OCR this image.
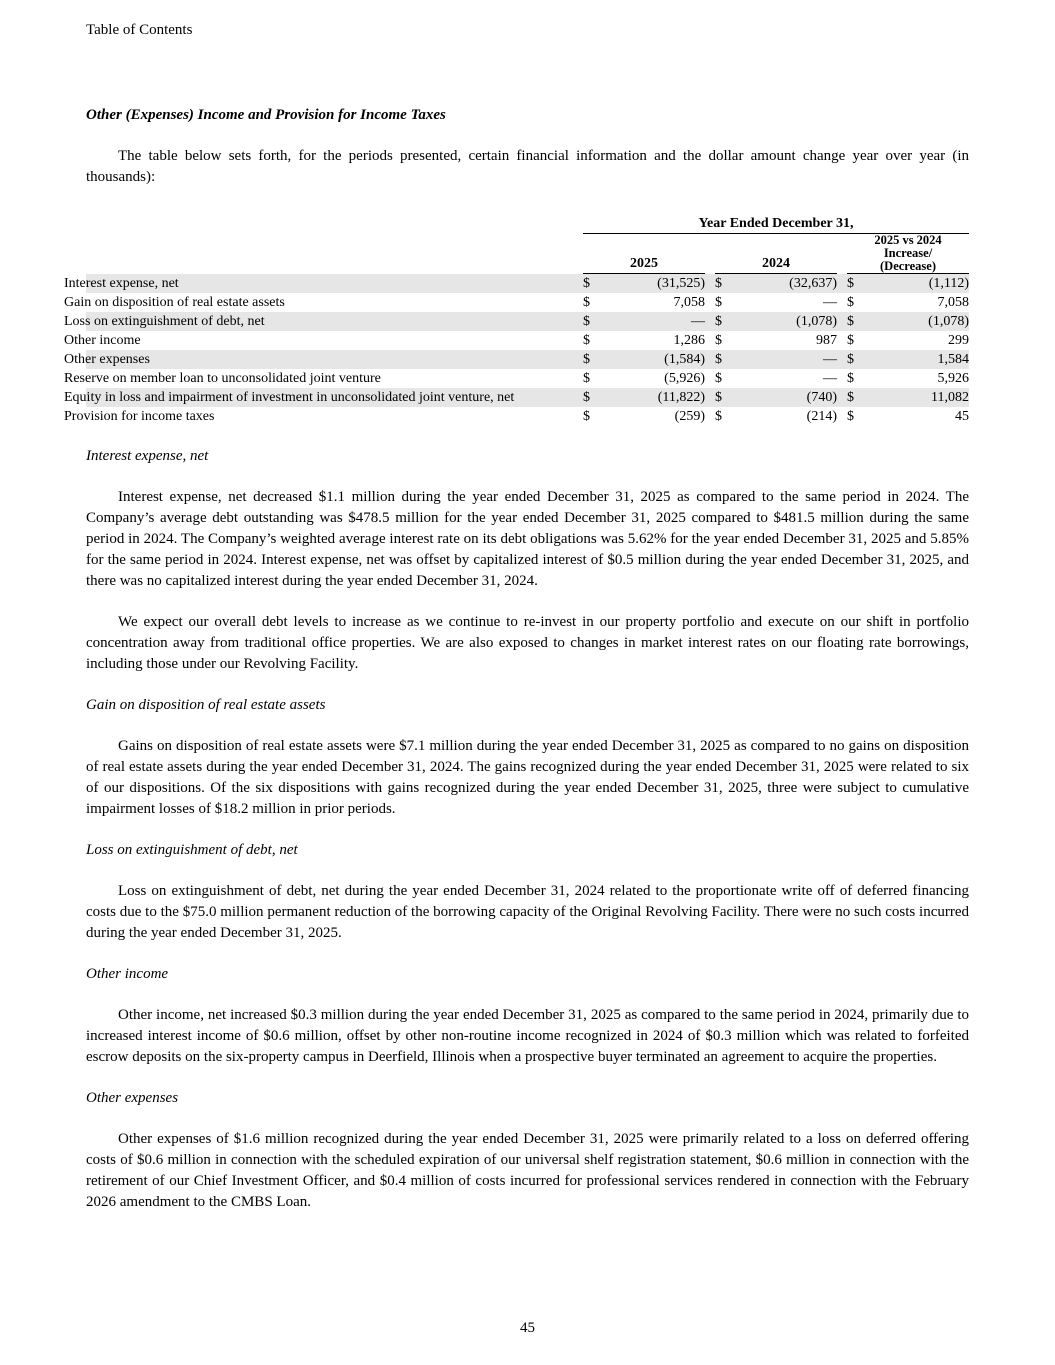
Table of Contents
Other (Expenses) Income and Provision for Income Taxes

The table below sets forth, for the periods presented, certain financial information and the dollar amount change year over year (in thousands):

	Year Ended December 31,							
	2025			2024			2025 vs 2024
Increase/
(Decrease)	
Interest expense, net	$	(31,525)		$	(32,637)		$	(1,112)
Gain on disposition of real estate assets	$	7,058		$	—		$	7,058
Loss on extinguishment of debt, net	$	—		$	(1,078)		$	(1,078)
Other income	$	1,286		$	987		$	299
Other expenses	$	(1,584)		$	—		$	1,584
Reserve on member loan to unconsolidated joint venture	$	(5,926)		$	—		$	5,926
Equity in loss and impairment of investment in unconsolidated joint venture, net	$	(11,822)		$	(740)		$	11,082
Provision for income taxes	$	(259)		$	(214)		$	45
Interest expense, net

Interest expense, net decreased $1.1 million during the year ended December 31, 2025 as compared to the same period in 2024. The Company’s average debt outstanding was $478.5 million for the year ended December 31, 2025 compared to $481.5 million during the same period in 2024. The Company’s weighted average interest rate on its debt obligations was 5.62% for the year ended December 31, 2025 and 5.85% for the same period in 2024. Interest expense, net was offset by capitalized interest of $0.5 million during the year ended December 31, 2025, and there was no capitalized interest during the year ended December 31, 2024.

We expect our overall debt levels to increase as we continue to re-invest in our property portfolio and execute on our shift in portfolio concentration away from traditional office properties. We are also exposed to changes in market interest rates on our floating rate borrowings, including those under our Revolving Facility.

Gain on disposition of real estate assets

Gains on disposition of real estate assets were $7.1 million during the year ended December 31, 2025 as compared to no gains on disposition of real estate assets during the year ended December 31, 2024. The gains recognized during the year ended December 31, 2025 were related to six of our dispositions. Of the six dispositions with gains recognized during the year ended December 31, 2025, three were subject to cumulative impairment losses of $18.2 million in prior periods.

Loss on extinguishment of debt, net

Loss on extinguishment of debt, net during the year ended December 31, 2024 related to the proportionate write off of deferred financing costs due to the $75.0 million permanent reduction of the borrowing capacity of the Original Revolving Facility. There were no such costs incurred during the year ended December 31, 2025.

Other income

Other income, net increased $0.3 million during the year ended December 31, 2025 as compared to the same period in 2024, primarily due to increased interest income of $0.6 million, offset by other non-routine income recognized in 2024 of $0.3 million which was related to forfeited escrow deposits on the six-property campus in Deerfield, Illinois when a prospective buyer terminated an agreement to acquire the properties.

Other expenses

Other expenses of $1.6 million recognized during the year ended December 31, 2025 were primarily related to a loss on deferred offering costs of $0.6 million in connection with the scheduled expiration of our universal shelf registration statement, $0.6 million in connection with the retirement of our Chief Investment Officer, and $0.4 million of costs incurred for professional services rendered in connection with the February 2026 amendment to the CMBS Loan.

45
